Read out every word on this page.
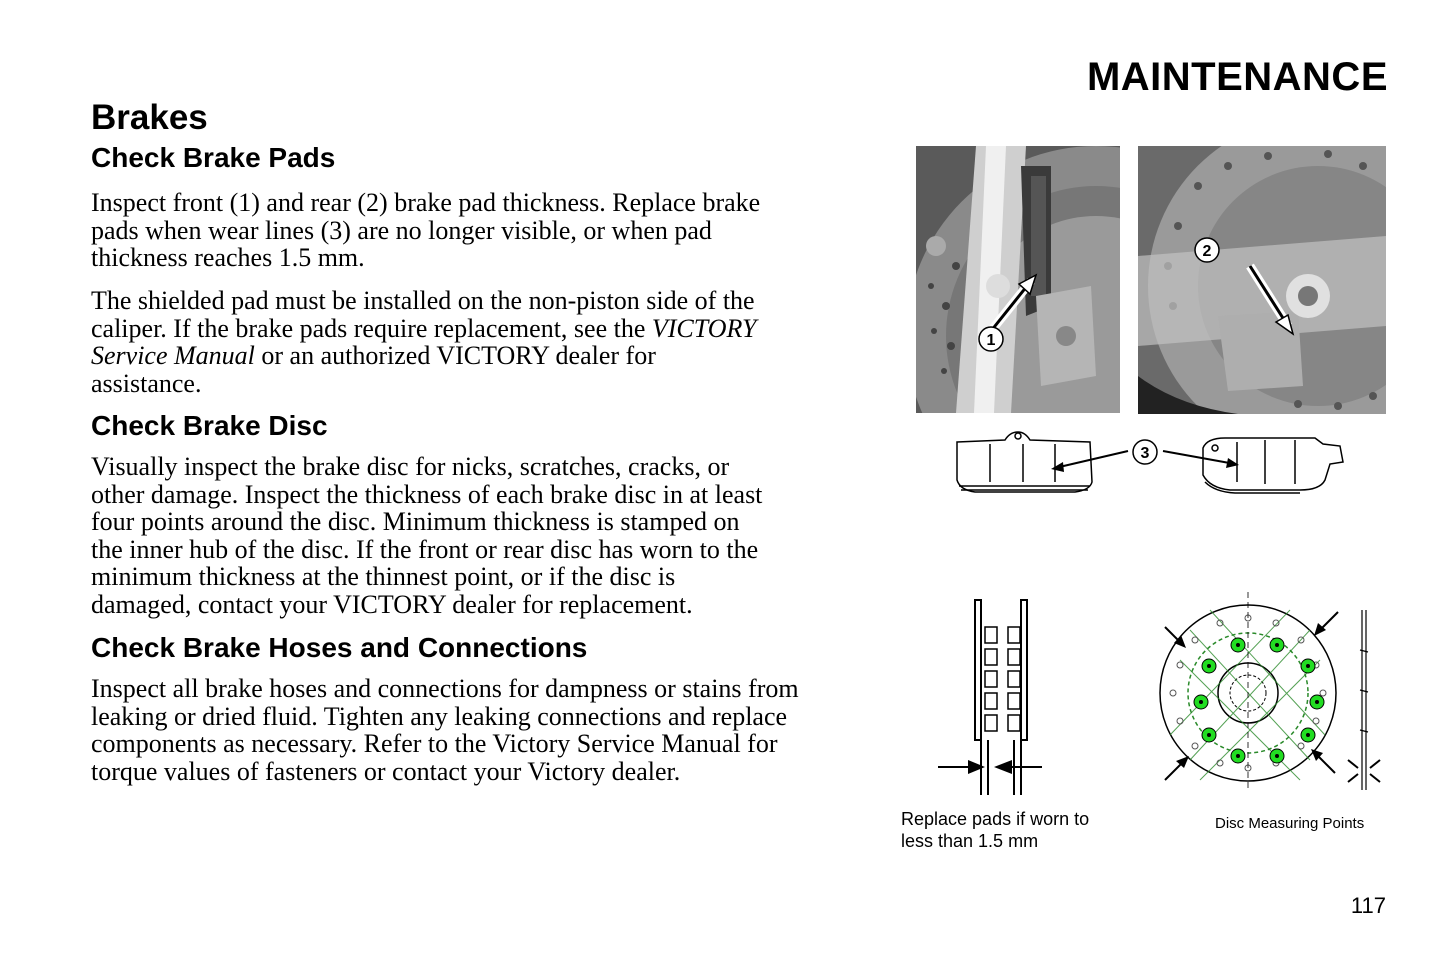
MAINTENANCE
Brakes
Check Brake Pads

Inspect front (1) and rear (2) brake pad thickness. Replace brake
pads when wear lines (3) are no longer visible, or when pad
thickness reaches 1.5 mm.

The shielded pad must be installed on the non-piston side of the
caliper. If the brake pads require replacement, see the VICTORY
Service Manual or an authorized VICTORY dealer for
assistance.

Check Brake Disc

Visually inspect the brake disc for nicks, scratches, cracks, or
other damage. Inspect the thickness of each brake disc in at least
four points around the disc. Minimum thickness is stamped on
the inner hub of the disc. If the front or rear disc has worn to the
minimum thickness at the thinnest point, or if the disc is
damaged, contact your VICTORY dealer for replacement.

Check Brake Hoses and Connections

Inspect all brake hoses and connections for dampness or stains from
leaking or dried fluid. Tighten any leaking connections and replace
components as necessary. Refer to the Victory Service Manual for
torque values of fasteners or contact your Victory dealer.

1
2
3
Replace pads if worn to
less than 1.5 mm
Disc Measuring Points
117
